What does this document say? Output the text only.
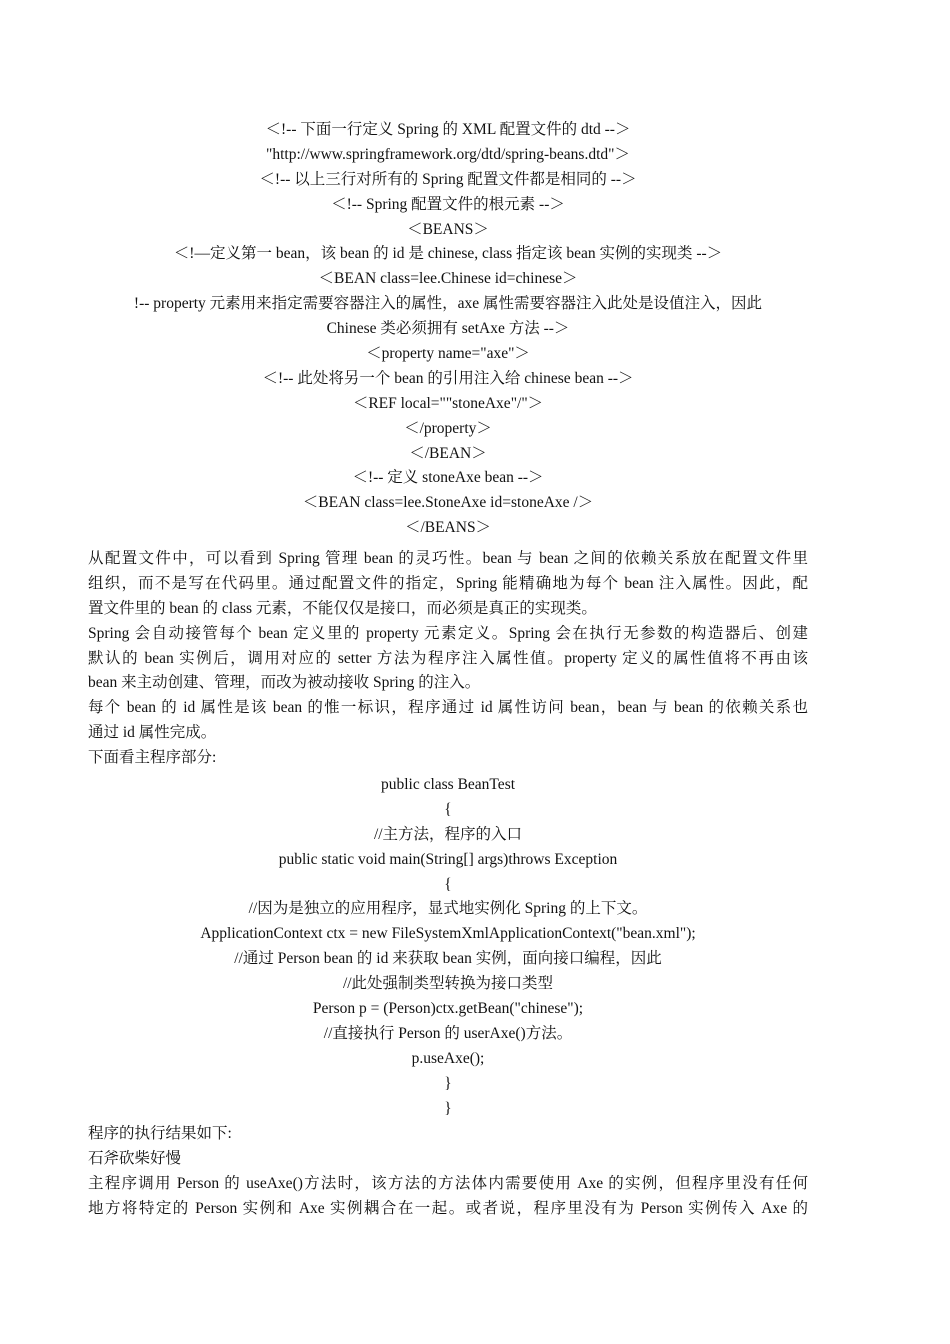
＜!-- 下面一行定义 Spring 的 XML 配置文件的 dtd --＞
"http://www.springframework.org/dtd/spring-beans.dtd"＞
＜!-- 以上三行对所有的 Spring 配置文件都是相同的 --＞
＜!-- Spring 配置文件的根元素 --＞
＜BEANS＞
＜!—定义第一 bean，该 bean 的 id 是 chinese, class 指定该 bean 实例的实现类 --＞
＜BEAN class=lee.Chinese id=chinese＞
!-- property 元素用来指定需要容器注入的属性，axe 属性需要容器注入此处是设值注入，因此
Chinese 类必须拥有 setAxe 方法 --＞
＜property name="axe"＞
＜!-- 此处将另一个 bean 的引用注入给 chinese bean --＞
＜REF local=""stoneAxe"/"＞
＜/property＞
＜/BEAN＞
＜!-- 定义 stoneAxe bean --＞
＜BEAN class=lee.StoneAxe id=stoneAxe /＞
＜/BEANS＞
从配置文件中，可以看到 Spring 管理 bean 的灵巧性。bean 与 bean 之间的依赖关系放在配置文件里
组织，而不是写在代码里。通过配置文件的指定，Spring 能精确地为每个 bean 注入属性。因此，配
置文件里的 bean 的 class 元素，不能仅仅是接口，而必须是真正的实现类。
Spring 会自动接管每个 bean 定义里的 property 元素定义。Spring 会在执行无参数的构造器后、创建
默认的 bean 实例后，调用对应的 setter 方法为程序注入属性值。property 定义的属性值将不再由该
bean 来主动创建、管理，而改为被动接收 Spring 的注入。
每个 bean 的 id 属性是该 bean 的惟一标识，程序通过 id 属性访问 bean，bean 与 bean 的依赖关系也
通过 id 属性完成。
下面看主程序部分:
public class BeanTest
{
//主方法，程序的入口
public static void main(String[] args)throws Exception
{
//因为是独立的应用程序，显式地实例化 Spring 的上下文。
ApplicationContext ctx = new FileSystemXmlApplicationContext("bean.xml");
//通过 Person bean 的 id 来获取 bean 实例，面向接口编程，因此
//此处强制类型转换为接口类型
Person p = (Person)ctx.getBean("chinese");
//直接执行 Person 的 userAxe()方法。
p.useAxe();
}
}
程序的执行结果如下:
石斧砍柴好慢
主程序调用 Person 的 useAxe()方法时，该方法的方法体内需要使用 Axe 的实例，但程序里没有任何
地方将特定的 Person 实例和 Axe 实例耦合在一起。或者说，程序里没有为 Person 实例传入 Axe 的
